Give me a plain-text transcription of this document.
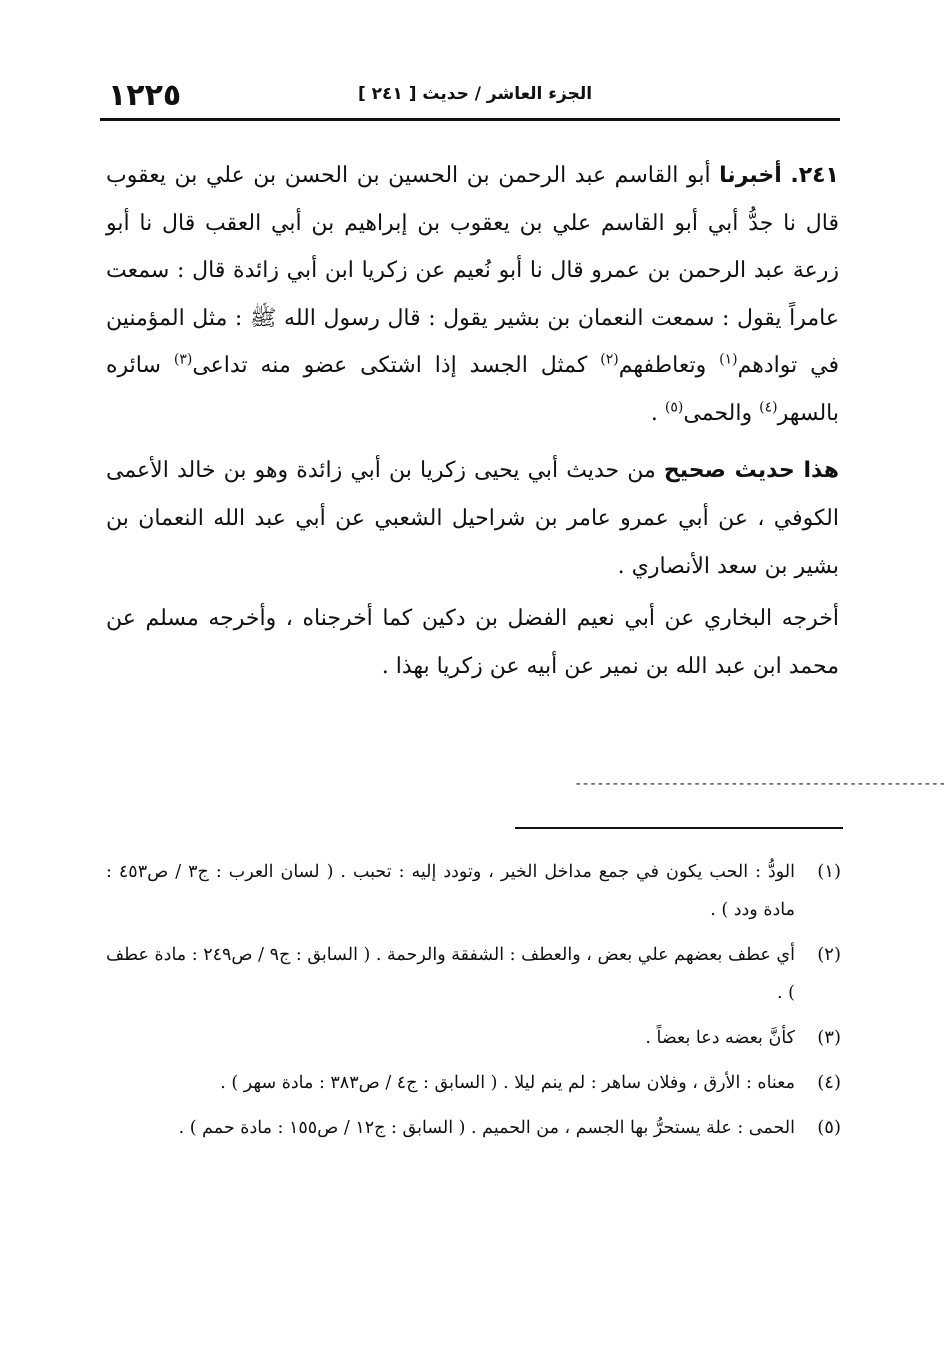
١٢٢٥	الجزء العاشر / حديث [ ٢٤١ ]

٢٤١. أخبرنا أبو القاسم عبد الرحمن بن الحسين بن الحسن بن علي بن يعقوب قال نا جدُّ أبي أبو القاسم علي بن يعقوب بن إبراهيم بن أبي العقب قال نا أبو زرعة عبد الرحمن بن عمرو قال نا أبو نُعيم عن زكريا ابن أبي زائدة قال : سمعت عامراً يقول : سمعت النعمان بن بشير يقول : قال رسول الله ﷺ : مثل المؤمنين في توادهم$^{(١)}$ وتعاطفهم$^{(٢)}$ كمثل الجسد إذا اشتكى عضو منه تداعى$^{(٣)}$ سائره بالسهر$^{(٤)}$ والحمى$^{(٥)}$ .

هذا حديث صحيح من حديث أبي يحيى زكريا بن أبي زائدة وهو بن خالد الأعمى الكوفي ، عن أبي عمرو عامر بن شراحيل الشعبي عن أبي عبد الله النعمان بن بشير بن سعد الأنصاري .

أخرجه البخاري عن أبي نعيم الفضل بن دكين كما أخرجناه ، وأخرجه مسلم عن محمد ابن عبد الله بن نمير عن أبيه عن زكريا بهذا .

--------------------------------------------------
(١)
الودُّ : الحب يكون في جمع مداخل الخير ، وتودد إليه : تحبب . ( لسان العرب : ج٣ / ص٤٥٣ : مادة ودد ) .
(٢)
أي عطف بعضهم علي بعض ، والعطف : الشفقة والرحمة . ( السابق : ج٩ / ص٢٤٩ : مادة عطف ) .
(٣)
كأنَّ بعضه دعا بعضاً .
(٤)
معناه : الأرق ، وفلان ساهر : لم ينم ليلا . ( السابق : ج٤ / ص٣٨٣ : مادة سهر ) .
(٥)
الحمى : علة يستحرُّ بها الجسم ، من الحميم . ( السابق : ج١٢ / ص١٥٥ : مادة حمم ) .
